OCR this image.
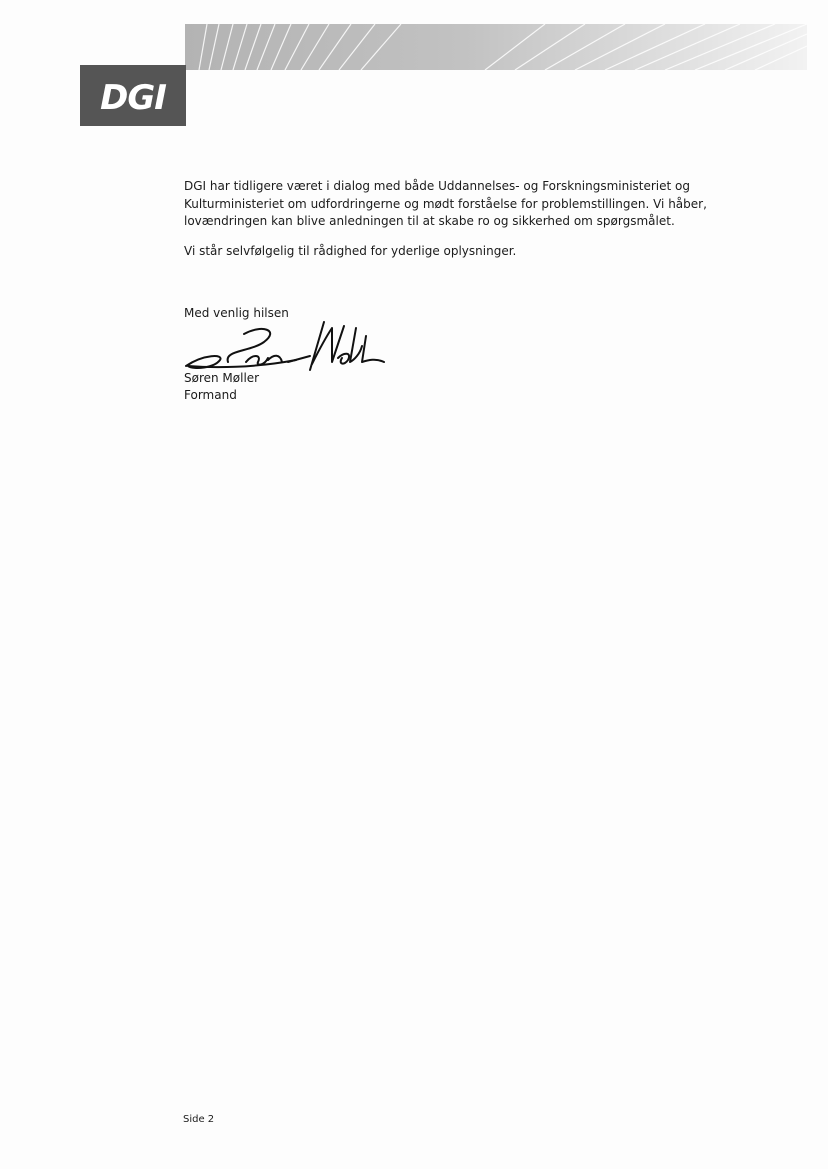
DGI

DGI har tidligere været i dialog med både Uddannelses- og Forskningsministeriet og Kulturministeriet om udfordringerne og mødt forståelse for problemstillingen. Vi håber, lovændringen kan blive anledningen til at skabe ro og sikkerhed om spørgsmålet.

Vi står selvfølgelig til rådighed for yderlige oplysninger.

Med venlig hilsen
Søren Møller
Formand
Side 2
